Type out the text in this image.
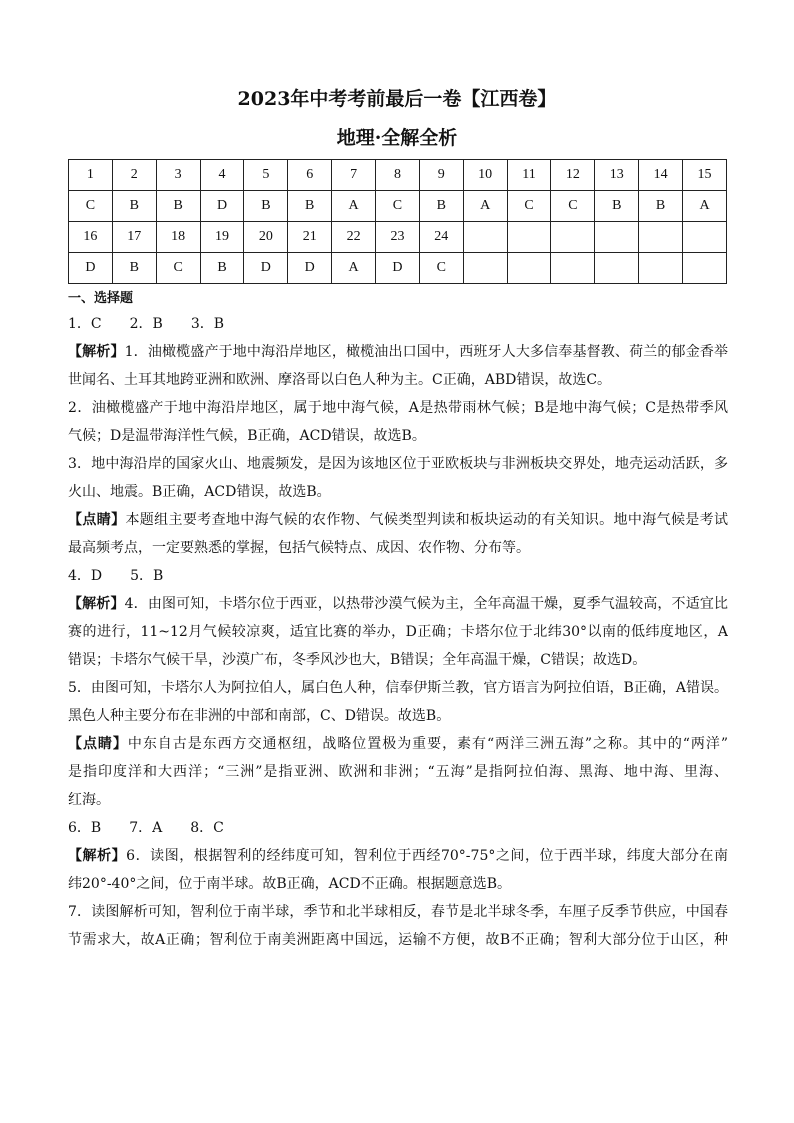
2023年中考考前最后一卷【江西卷】
地理·全解全析
1	2	3	4	5	6	7	8	9	10	11	12	13	14	15
C	B	B	D	B	B	A	C	B	A	C	C	B	B	A
16	17	18	19	20	21	22	23	24						
D	B	C	B	D	D	A	D	C						
一、选择题
1．C　　2．B　　3．B
【解析】1．油橄榄盛产于地中海沿岸地区，橄榄油出口国中，西班牙人大多信奉基督教、荷兰的郁金香举
世闻名、土耳其地跨亚洲和欧洲、摩洛哥以白色人种为主。C正确，ABD错误，故选C。
2．油橄榄盛产于地中海沿岸地区，属于地中海气候，A是热带雨林气候；B是地中海气候；C是热带季风
气候；D是温带海洋性气候，B正确，ACD错误，故选B。
3．地中海沿岸的国家火山、地震频发，是因为该地区位于亚欧板块与非洲板块交界处，地壳运动活跃，多
火山、地震。B正确，ACD错误，故选B。
【点睛】本题组主要考查地中海气候的农作物、气候类型判读和板块运动的有关知识。地中海气候是考试
最高频考点，一定要熟悉的掌握，包括气候特点、成因、农作物、分布等。
4．D　　5．B
【解析】4．由图可知，卡塔尔位于西亚，以热带沙漠气候为主，全年高温干燥，夏季气温较高，不适宜比
赛的进行，11~12月气候较凉爽，适宜比赛的举办，D正确；卡塔尔位于北纬30°以南的低纬度地区，A
错误；卡塔尔气候干旱，沙漠广布，冬季风沙也大，B错误；全年高温干燥，C错误；故选D。
5．由图可知，卡塔尔人为阿拉伯人，属白色人种，信奉伊斯兰教，官方语言为阿拉伯语，B正确，A错误。
黑色人种主要分布在非洲的中部和南部，C、D错误。故选B。
【点睛】中东自古是东西方交通枢纽，战略位置极为重要，素有“两洋三洲五海”之称。其中的“两洋”
是指印度洋和大西洋；“三洲”是指亚洲、欧洲和非洲；“五海”是指阿拉伯海、黑海、地中海、里海、
红海。
6．B　　7．A　　8．C
【解析】6．读图，根据智利的经纬度可知，智利位于西经70°-75°之间，位于西半球，纬度大部分在南
纬20°-40°之间，位于南半球。故B正确，ACD不正确。根据题意选B。
7．读图解析可知，智利位于南半球，季节和北半球相反，春节是北半球冬季，车厘子反季节供应，中国春
节需求大，故A正确；智利位于南美洲距离中国远，运输不方便，故B不正确；智利大部分位于山区，种
